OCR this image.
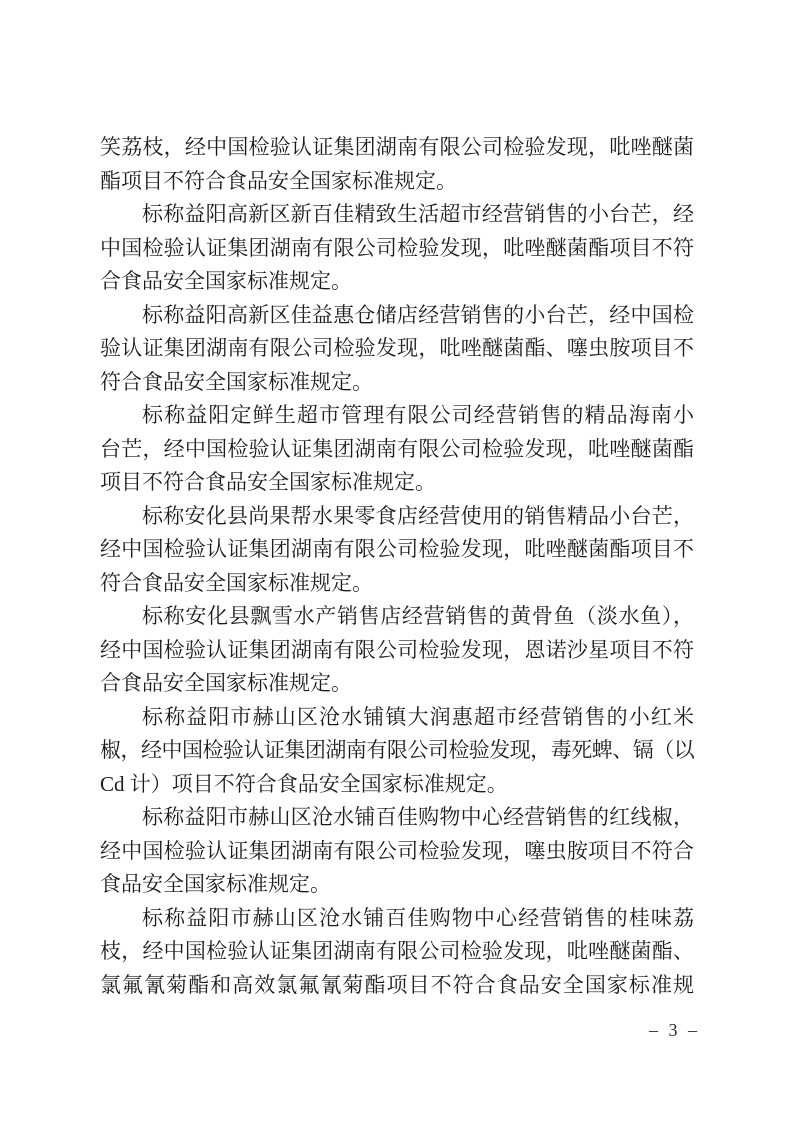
笑荔枝，经中国检验认证集团湖南有限公司检验发现，吡唑醚菌
酯项目不符合食品安全国家标准规定。
标称益阳高新区新百佳精致生活超市经营销售的小台芒，经
中国检验认证集团湖南有限公司检验发现，吡唑醚菌酯项目不符
合食品安全国家标准规定。
标称益阳高新区佳益惠仓储店经营销售的小台芒，经中国检
验认证集团湖南有限公司检验发现，吡唑醚菌酯、噻虫胺项目不
符合食品安全国家标准规定。
标称益阳定鲜生超市管理有限公司经营销售的精品海南小
台芒，经中国检验认证集团湖南有限公司检验发现，吡唑醚菌酯
项目不符合食品安全国家标准规定。
标称安化县尚果帮水果零食店经营使用的销售精品小台芒，
经中国检验认证集团湖南有限公司检验发现，吡唑醚菌酯项目不
符合食品安全国家标准规定。
标称安化县飘雪水产销售店经营销售的黄骨鱼（淡水鱼），
经中国检验认证集团湖南有限公司检验发现，恩诺沙星项目不符
合食品安全国家标准规定。
标称益阳市赫山区沧水铺镇大润惠超市经营销售的小红米
椒，经中国检验认证集团湖南有限公司检验发现，毒死蜱、镉（以
Cd 计）项目不符合食品安全国家标准规定。
标称益阳市赫山区沧水铺百佳购物中心经营销售的红线椒，
经中国检验认证集团湖南有限公司检验发现，噻虫胺项目不符合
食品安全国家标准规定。
标称益阳市赫山区沧水铺百佳购物中心经营销售的桂味荔
枝，经中国检验认证集团湖南有限公司检验发现，吡唑醚菌酯、
氯氟氰菊酯和高效氯氟氰菊酯项目不符合食品安全国家标准规
– 3 –
